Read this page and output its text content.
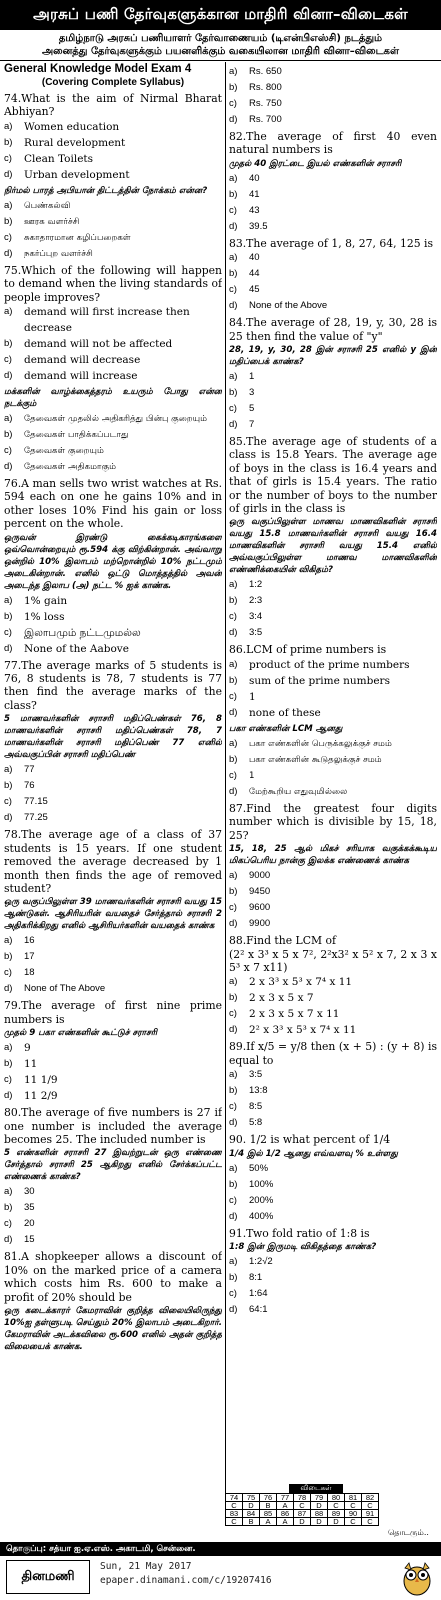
அரசுப் பணி தேர்வுகளுக்கான மாதிரி வினா–விடைகள்
தமிழ்நாடு அரசுப் பணியாளர் தேர்வாணையம் (டிஎன்பிஎஸ்சி) நடத்தும்
அனைத்து தேர்வுகளுக்கும் பயனளிக்கும் வகையிலான மாதிரி வினா–விடைகள்
General Knowledge Model Exam 4
(Covering Complete Syllabus)
74.What is the aim of Nirmal Bharat Abhiyan?
a)	Women education
b)	Rural development
c)	Clean Toilets
d)	Urban development
நிர்மல் பாரத் அபியான் திட்டத்தின் நோக்கம் என்ன?
a)	பெண்கல்வி
b)	ஊரக வளர்ச்சி
c)	சுகாதாரமான கழிப்பறைகள்
d)	நகர்ப்புற வளர்ச்சி
75.Which of the following will happen to demand when the living standards of people improves?
a)	demand will first increase then decrease
b)	demand will not be affected
c)	demand will decrease
d)	demand will increase
மக்களின் வாழ்க்கைத்தரம் உயரும் போது என்ன நடக்கும்
a)	தேவைகள் முதலில் அதிகரித்து பின்பு குறையும்
b)	தேவைகள் பாதிக்கப்படாது
c)	தேவைகள் குறையும்
d)	தேவைகள் அதிகமாகும்
76.A man sells two wrist watches at Rs. 594 each on one he gains 10% and in other loses 10% Find his gain or loss percent on the whole.
ஒருவன் இரண்டு கைக்கடிகாரங்களை ஒவ்வொன்றையும் ரூ.594 க்கு விற்கின்றான். அவ்வாறு ஒன்றில் 10% இலாபம் மற்றொன்றில் 10% நட்டமும் அடைகின்றான். எனில் ஒட்டு மொத்தத்தில் அவன் அடைந்த இலாப (அ) நட்ட % ஐக் காண்க.
a)	1% gain
b)	1% loss
c)	இலாபமும் நட்டமுமல்ல
d)	None of the Aabove
77.The average marks of 5 students is 76, 8 students is 78, 7 students is 77 then find the average marks of the class?
5 மாணவர்களின் சராசரி மதிப்பெண்கள் 76, 8 மாணவர்களின் சராசரி மதிப்பெண்கள் 78, 7 மாணவர்களின் சராசரி மதிப்பெண் 77 எனில் அவ்வகுப்பின் சராசரி மதிப்பெண்
a)	77
b)	76
c)	77.15
d)	77.25
78.The average age of a class of 37 students is 15 years. If one student removed the average decreased by 1 month then finds the age of removed student?
ஒரு வகுப்பிலுள்ள 39 மாணவர்களின் சராசரி வயது 15 ஆண்டுகள். ஆசிரியரின் வயதைச் சேர்த்தால் சராசரி 2 அதிகரிக்கிறது எனில் ஆசிரியர்களின் வயதைக் காண்க
a)	16
b)	17
c)	18
d)	None of The Above
79.The average of first nine prime numbers is
முதல் 9 பகா எண்களின் கூட்டுச் சராசரி
a)	9
b)	11
c)	11 1/9
d)	11 2/9
80.The average of five numbers is 27 if one number is included the average becomes 25. The included number is
5 எண்களின் சராசரி 27 இவற்றுடன் ஒரு எண்ணை சேர்த்தால் சராசரி 25 ஆகிறது எனில் சேர்க்கப்பட்ட எண்ணைக் காண்க?
a)	30
b)	35
c)	20
d)	15
81.A shopkeeper allows a discount of 10% on the marked price of a camera which costs him Rs. 600 to make a profit of 20% should be
ஒரு கடைக்காரர் கேமராவின் குறித்த விலையிலிருந்து 10%ஐ தள்ளுபடி செய்தும் 20% இலாபம் அடைகிறார். கேமராவின் அடக்கவிலை ரூ.600 எனில் அதன் குறித்த விலையைக் காண்க.
a)	Rs. 650
b)	Rs. 800
c)	Rs. 750
d)	Rs. 700
82.The average of first 40 even natural numbers is
முதல் 40 இரட்டை இயல் எண்களின் சராசரி
a)	40
b)	41
c)	43
d)	39.5
83.The average of 1, 8, 27, 64, 125 is
a)	40
b)	44
c)	45
d)	None of the Above
84.The average of 28, 19, y, 30, 28 is 25 then find the value of "y"
28, 19, y, 30, 28 இன் சராசரி 25 எனில் y இன் மதிப்பைக் காண்க?
a)	1
b)	3
c)	5
d)	7
85.The average age of students of a class is 15.8 Years. The average age of boys in the class is 16.4 years and that of girls is 15.4 years. The ratio or the number of boys to the number of girls in the class is
ஒரு வகுப்பிலுள்ள மாணவ மாணவிகளின் சராசரி வயது 15.8 மாணவர்களின் சராசரி வயது 16.4 மாணவிகளின் சராசரி வயது 15.4 எனில் அவ்வகுப்பிலுள்ள மாணவ மாணவிகளின் எண்ணிக்கையின் விகிதம்?
a)	1:2
b)	2:3
c)	3:4
d)	3:5
86.LCM of prime numbers is
a)	product of the prime numbers
b)	sum of the prime numbers
c)	1
d)	none of these
பகா எண்களின் LCM ஆனது
a)	பகா எண்களின் பெருக்கலுக்குச் சமம்
b)	பகா எண்களின் கூடுதலுக்குச் சமம்
c)	1
d)	மேற்கூறிய எதுவுமில்லை
87.Find the greatest four digits number which is divisible by 15, 18, 25?
15, 18, 25 ஆல் மிகச் சரியாக வகுக்கக்கூடிய மிகப்பெரிய நான்கு இலக்க எண்ணைக் காண்க
a)	9000
b)	9450
c)	9600
d)	9900
88.Find the LCM of
(2² x 3³ x 5 x 7², 2²x3² x 5² x 7, 2 x 3 x 5³ x 7 x11)
a)	2 x 3³ x 5³ x 7⁴ x 11
b)	2 x 3 x 5 x 7
c)	2 x 3 x 5 x 7 x 11
d)	2² x 3³ x 5³ x 7⁴ x 11
89.If x/5 = y/8 then (x + 5) : (y + 8) is equal to
a)	3:5
b)	13:8
c)	8:5
d)	5:8
90. 1/2 is what percent of 1/4
1/4 இல் 1/2 ஆனது எவ்வளவு % உள்ளது
a)	50%
b)	100%
c)	200%
d)	400%
91.Two fold ratio of 1:8 is
1:8 இன் இருமடி விகிதத்தை காண்க?
a)	1:2√2
b)	8:1
c)	1:64
d)	64:1
விடைகள்
74	75	76	77	78	79	80	81	82
C	D	B	A	C	D	C	C	C
83	84	85	86	87	88	89	90	91
C	B	A	A	D	D	D	C	C
தொடரும்..
தொகுப்பு: சத்யா ஐ.ஏ.எஸ். அகாடமி, சென்னை.
தினமணி
Sun, 21 May 2017
epaper.dinamani.com/c/19207416
